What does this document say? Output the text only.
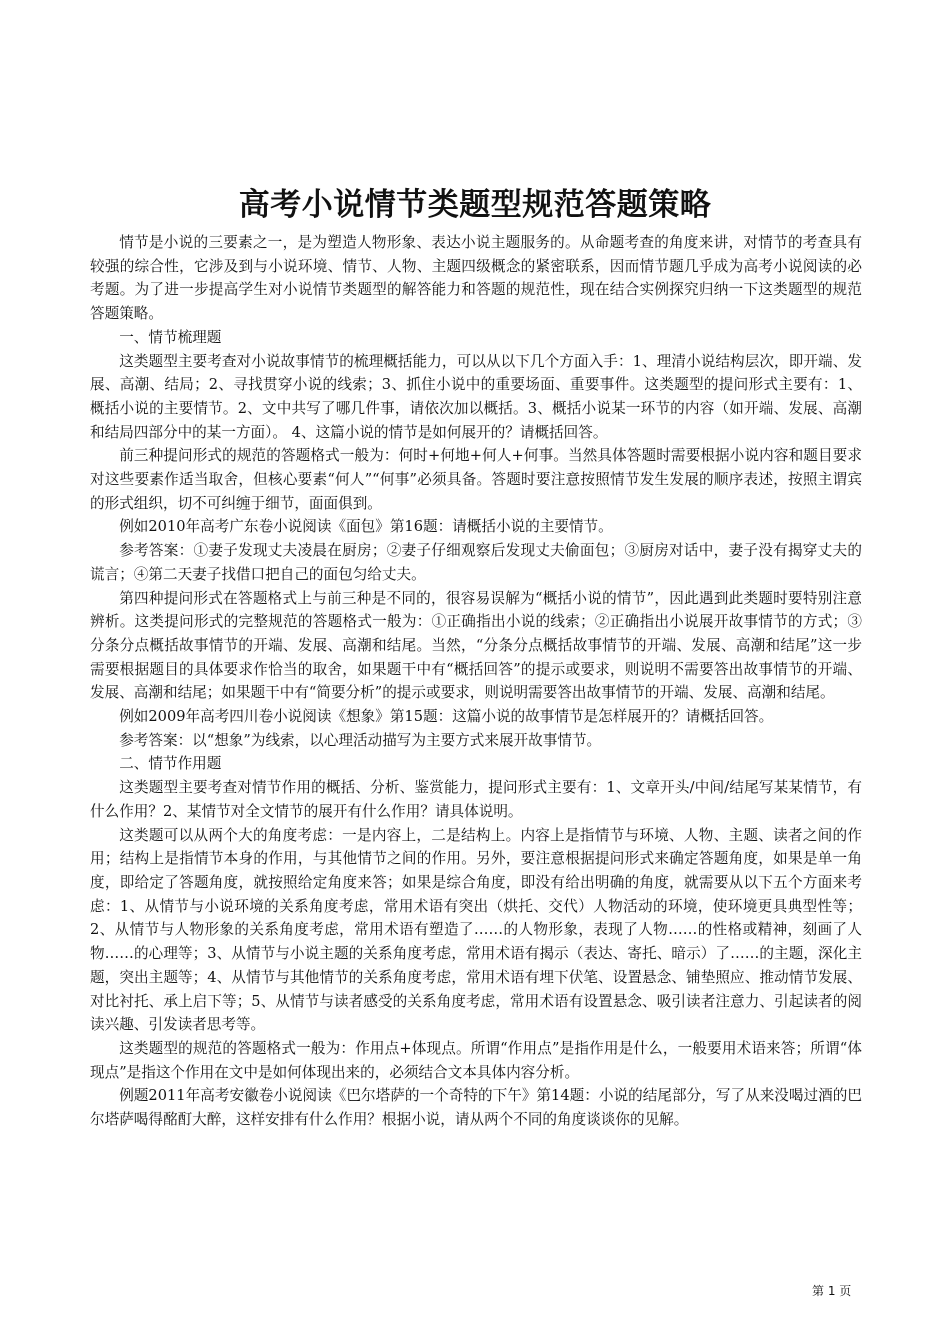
高考小说情节类题型规范答题策略

情节是小说的三要素之一，是为塑造人物形象、表达小说主题服务的。从命题考查的角度来讲，对情节的考查具有较强的综合性，它涉及到与小说环境、情节、人物、主题四级概念的紧密联系，因而情节题几乎成为高考小说阅读的必考题。为了进一步提高学生对小说情节类题型的解答能力和答题的规范性，现在结合实例探究归纳一下这类题型的规范答题策略。

一、情节梳理题

这类题型主要考查对小说故事情节的梳理概括能力，可以从以下几个方面入手：1、理清小说结构层次，即开端、发展、高潮、结局；2、寻找贯穿小说的线索；3、抓住小说中的重要场面、重要事件。这类题型的提问形式主要有：1、概括小说的主要情节。2、文中共写了哪几件事，请依次加以概括。3、概括小说某一环节的内容（如开端、发展、高潮和结局四部分中的某一方面）。 4、这篇小说的情节是如何展开的？请概括回答。

前三种提问形式的规范的答题格式一般为：何时+何地+何人+何事。当然具体答题时需要根据小说内容和题目要求对这些要素作适当取舍，但核心要素“何人”“何事”必须具备。答题时要注意按照情节发生发展的顺序表述，按照主谓宾的形式组织，切不可纠缠于细节，面面俱到。

例如2010年高考广东卷小说阅读《面包》第16题：请概括小说的主要情节。

参考答案：①妻子发现丈夫凌晨在厨房；②妻子仔细观察后发现丈夫偷面包；③厨房对话中，妻子没有揭穿丈夫的谎言；④第二天妻子找借口把自己的面包匀给丈夫。

第四种提问形式在答题格式上与前三种是不同的，很容易误解为“概括小说的情节”，因此遇到此类题时要特别注意辨析。这类提问形式的完整规范的答题格式一般为：①正确指出小说的线索；②正确指出小说展开故事情节的方式；③分条分点概括故事情节的开端、发展、高潮和结尾。当然，“分条分点概括故事情节的开端、发展、高潮和结尾”这一步需要根据题目的具体要求作恰当的取舍，如果题干中有“概括回答”的提示或要求，则说明不需要答出故事情节的开端、发展、高潮和结尾；如果题干中有“简要分析”的提示或要求，则说明需要答出故事情节的开端、发展、高潮和结尾。

例如2009年高考四川卷小说阅读《想象》第15题：这篇小说的故事情节是怎样展开的？请概括回答。

参考答案：以“想象”为线索，以心理活动描写为主要方式来展开故事情节。

二、情节作用题

这类题型主要考查对情节作用的概括、分析、鉴赏能力，提问形式主要有：1、文章开头/中间/结尾写某某情节，有什么作用？2、某情节对全文情节的展开有什么作用？请具体说明。

这类题可以从两个大的角度考虑：一是内容上，二是结构上。内容上是指情节与环境、人物、主题、读者之间的作用；结构上是指情节本身的作用，与其他情节之间的作用。另外，要注意根据提问形式来确定答题角度，如果是单一角度，即给定了答题角度，就按照给定角度来答；如果是综合角度，即没有给出明确的角度，就需要从以下五个方面来考虑：1、从情节与小说环境的关系角度考虑，常用术语有突出（烘托、交代）人物活动的环境，使环境更具典型性等；2、从情节与人物形象的关系角度考虑，常用术语有塑造了……的人物形象，表现了人物……的性格或精神，刻画了人物……的心理等；3、从情节与小说主题的关系角度考虑，常用术语有揭示（表达、寄托、暗示）了……的主题，深化主题，突出主题等；4、从情节与其他情节的关系角度考虑，常用术语有埋下伏笔、设置悬念、铺垫照应、推动情节发展、对比衬托、承上启下等；5、从情节与读者感受的关系角度考虑，常用术语有设置悬念、吸引读者注意力、引起读者的阅读兴趣、引发读者思考等。

这类题型的规范的答题格式一般为：作用点+体现点。所谓“作用点”是指作用是什么，一般要用术语来答；所谓“体现点”是指这个作用在文中是如何体现出来的，必须结合文本具体内容分析。

例题2011年高考安徽卷小说阅读《巴尔塔萨的一个奇特的下午》第14题：小说的结尾部分，写了从来没喝过酒的巴尔塔萨喝得酩酊大醉，这样安排有什么作用？根据小说，请从两个不同的角度谈谈你的见解。

第 1 页
